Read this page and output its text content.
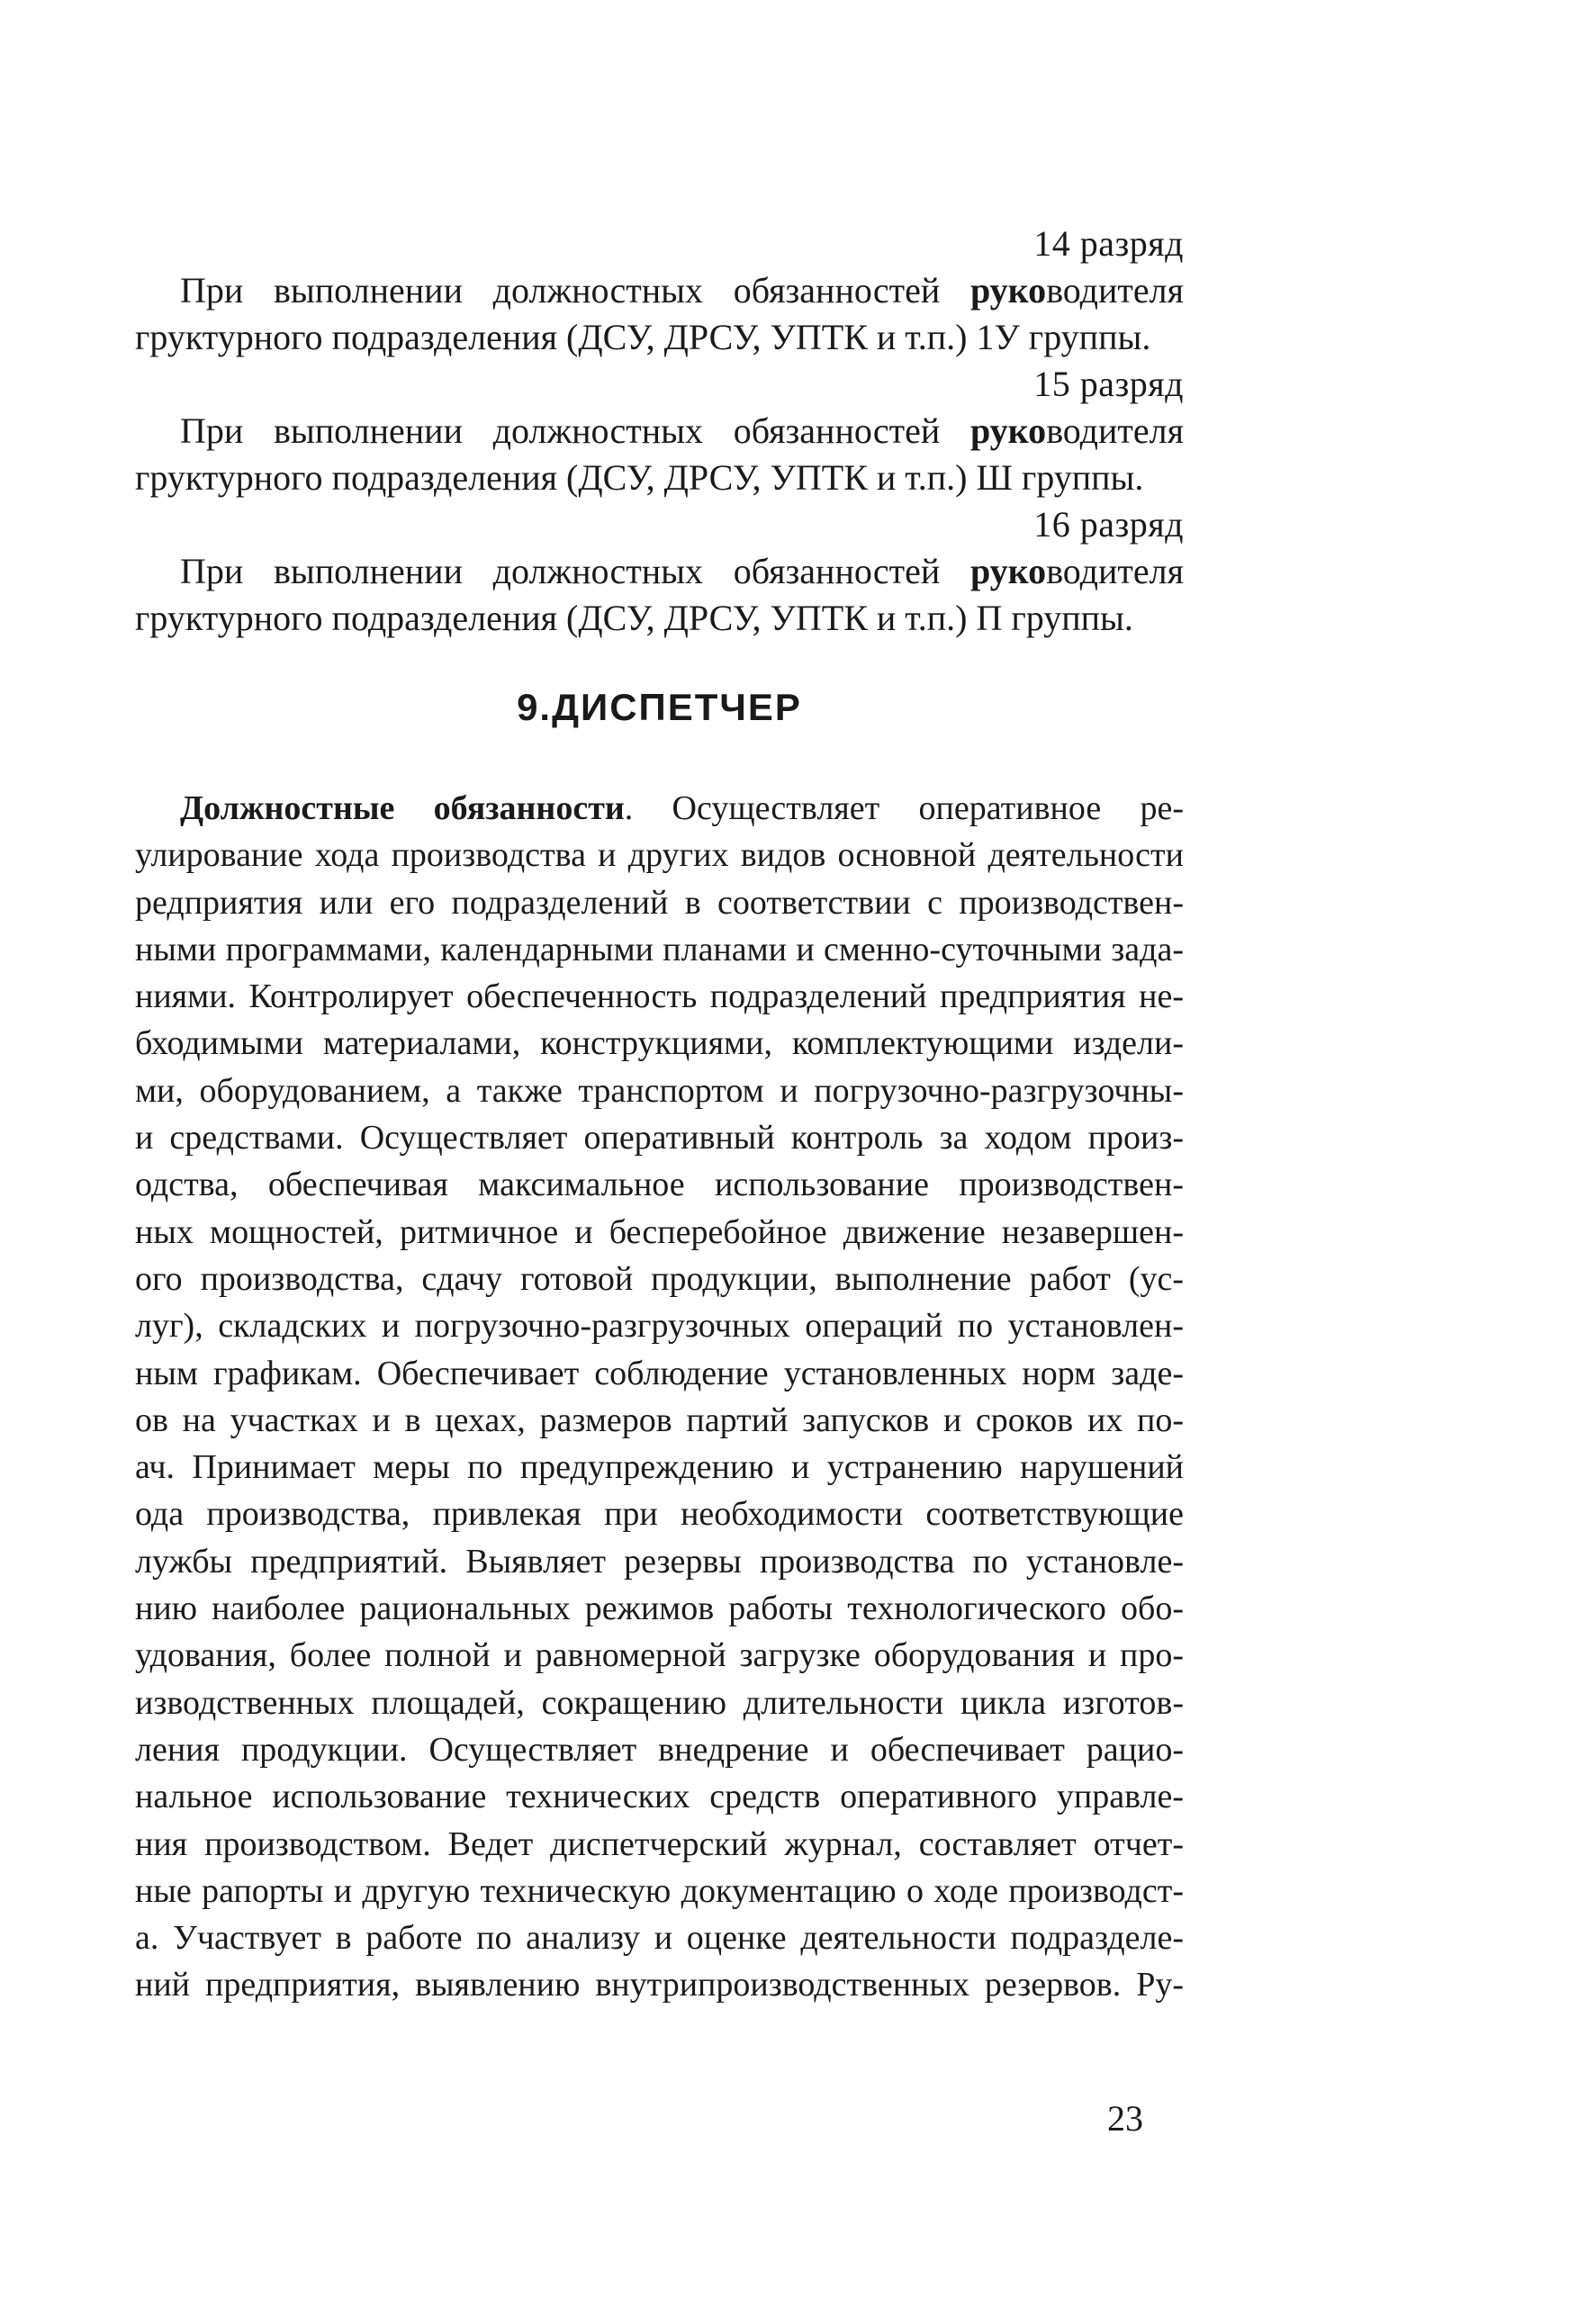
14 разряд
При выполнении должностных обязанностей руководителя
груктурного подразделения (ДСУ, ДРСУ, УПТК и т.п.) 1У группы.
15 разряд
При выполнении должностных обязанностей руководителя
груктурного подразделения (ДСУ, ДРСУ, УПТК и т.п.) Ш группы.
16 разряд
При выполнении должностных обязанностей руководителя
груктурного подразделения (ДСУ, ДРСУ, УПТК и т.п.) П группы.
9.ДИСПЕТЧЕР
Должностные обязанности. Осуществляет оперативное ре-
улирование хода производства и других видов основной деятельности
редприятия или его подразделений в соответствии с производствен-
ными программами, календарными планами и сменно-суточными зада-
ниями. Контролирует обеспеченность подразделений предприятия не-
бходимыми материалами, конструкциями, комплектующими издели-
ми, оборудованием, а также транспортом и погрузочно-разгрузочны-
и средствами. Осуществляет оперативный контроль за ходом произ-
одства, обеспечивая максимальное использование производствен-
ных мощностей, ритмичное и бесперебойное движение незавершен-
ого производства, сдачу готовой продукции, выполнение работ (ус-
луг), складских и погрузочно-разгрузочных операций по установлен-
ным графикам. Обеспечивает соблюдение установленных норм заде-
ов на участках и в цехах, размеров партий запусков и сроков их по-
ач. Принимает меры по предупреждению и устранению нарушений
ода производства, привлекая при необходимости соответствующие
лужбы предприятий. Выявляет резервы производства по установле-
нию наиболее рациональных режимов работы технологического обо-
удования, более полной и равномерной загрузке оборудования и про-
изводственных площадей, сокращению длительности цикла изготов-
ления продукции. Осуществляет внедрение и обеспечивает рацио-
нальное использование технических средств оперативного управле-
ния производством. Ведет диспетчерский журнал, составляет отчет-
ные рапорты и другую техническую документацию о ходе производст-
а. Участвует в работе по анализу и оценке деятельности подразделе-
ний предприятия, выявлению внутрипроизводственных резервов. Ру-
23
